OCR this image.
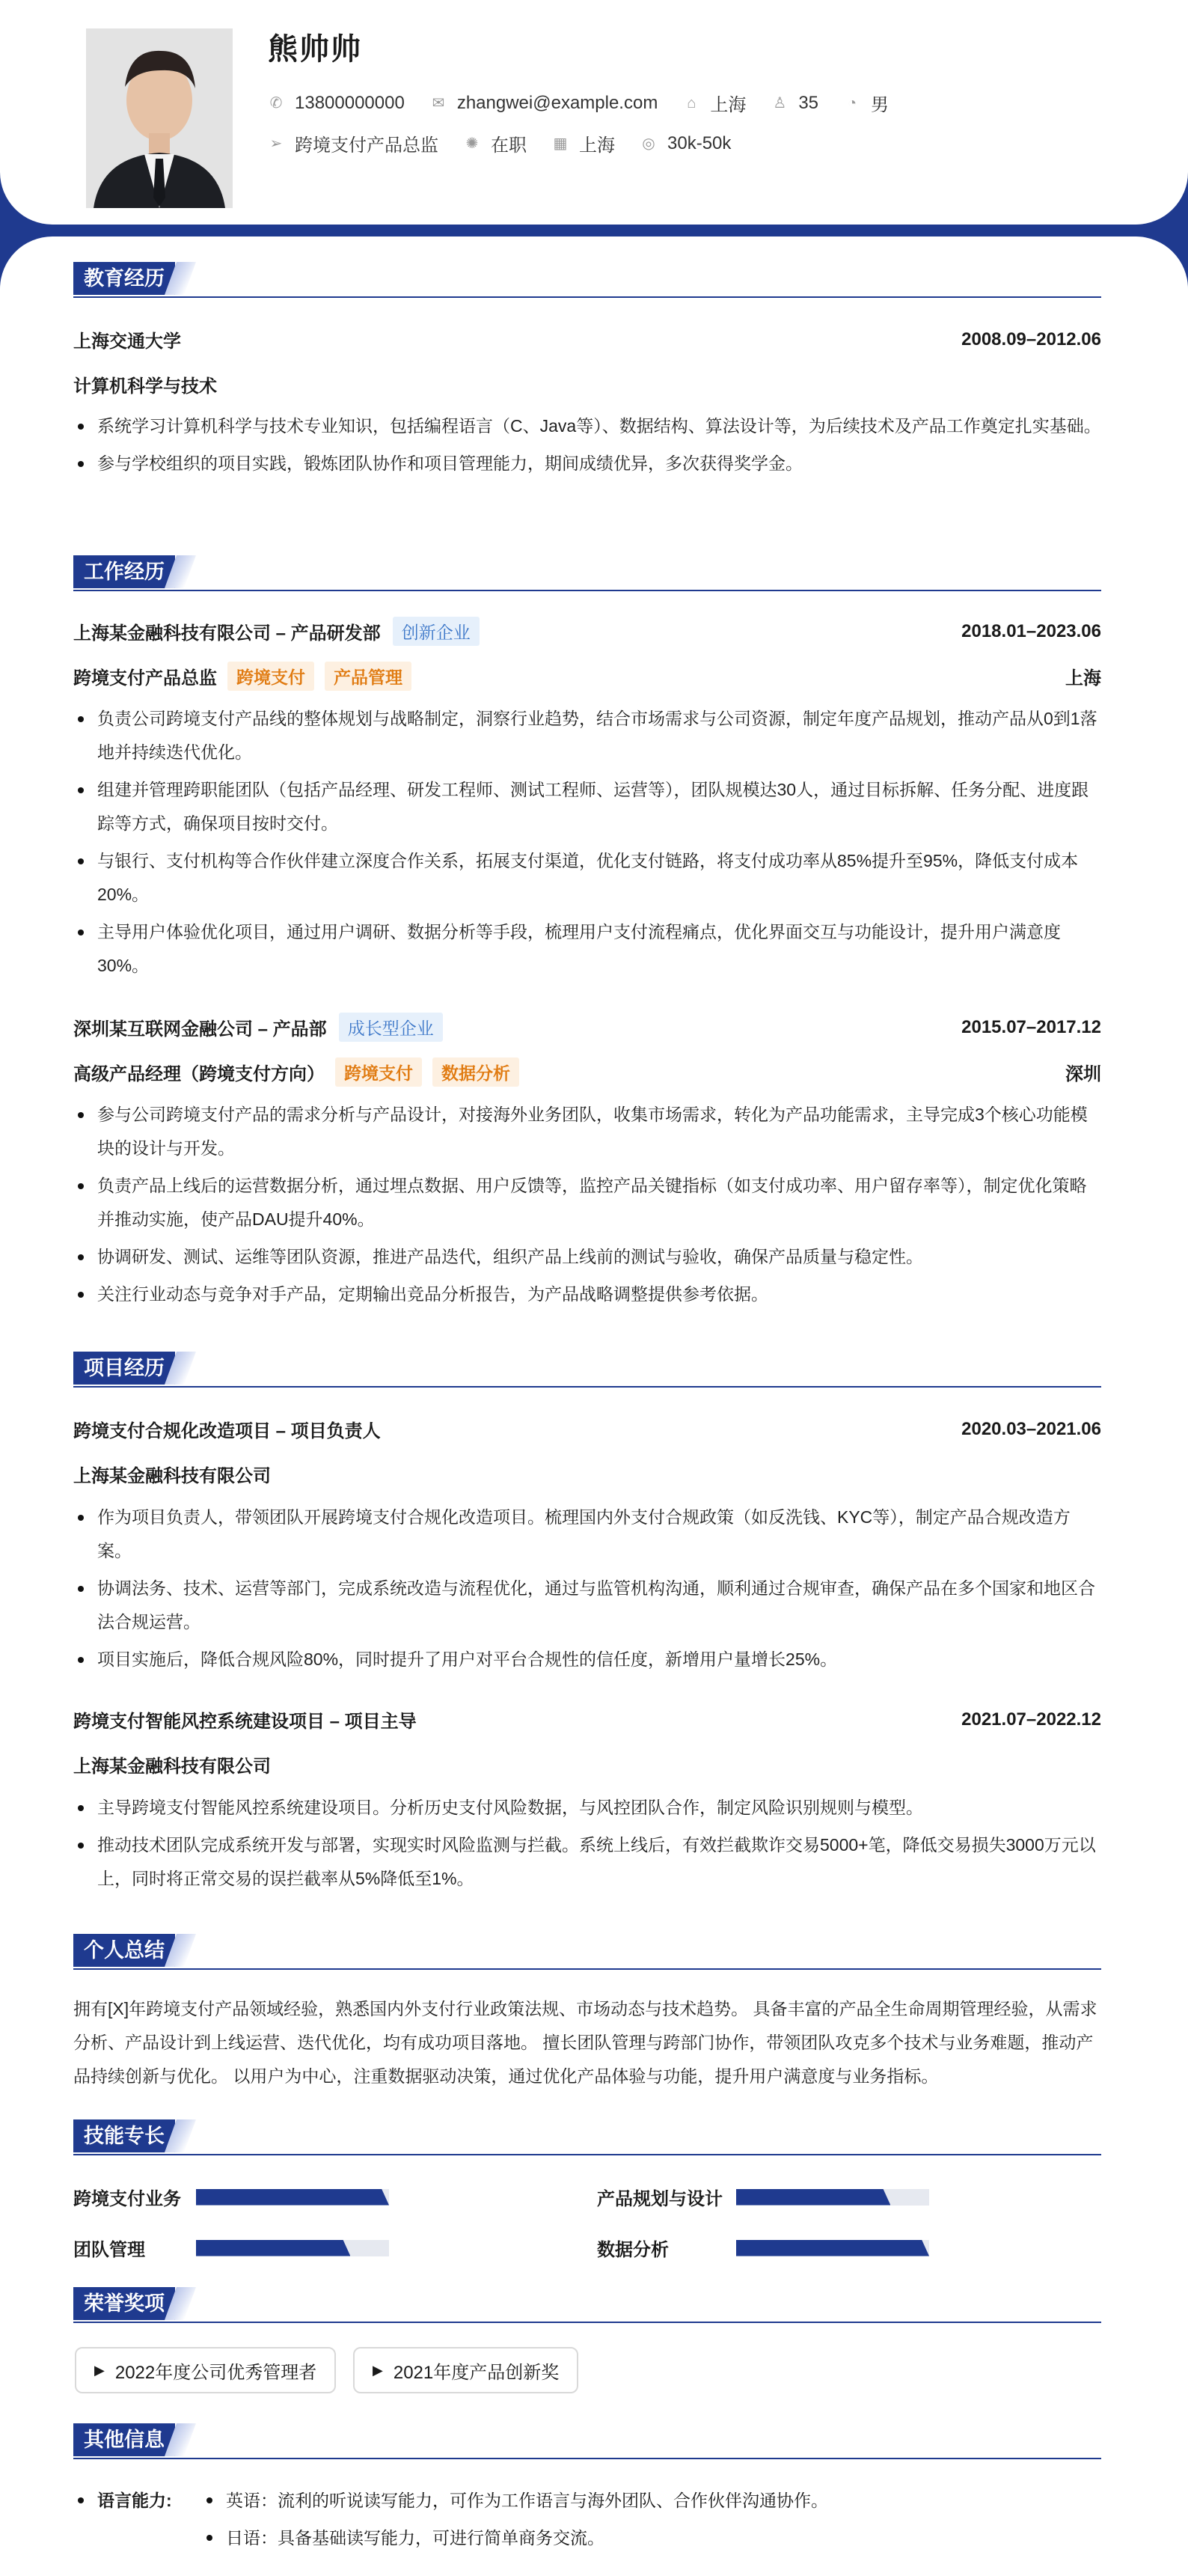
熊帅帅
✆ 13800000000 ✉ zhangwei@example.com ⌂ 上海 ♙ 35 ◔ 男
➢ 跨境支付产品总监 ✺ 在职 ▦ 上海 ◎ 30k-50k
教育经历
上海交通大学	2008.09–2012.06
计算机科学与技术
系统学习计算机科学与技术专业知识，包括编程语言（C、Java等）、数据结构、算法设计等，为后续技术及产品工作奠定扎实基础。
参与学校组织的项目实践，锻炼团队协作和项目管理能力，期间成绩优异，多次获得奖学金。
工作经历
上海某金融科技有限公司 – 产品研发部	创新企业	2018.01–2023.06
跨境支付产品总监	跨境支付	产品管理	上海
负责公司跨境支付产品线的整体规划与战略制定，洞察行业趋势，结合市场需求与公司资源，制定年度产品规划，推动产品从0到1落地并持续迭代优化。
组建并管理跨职能团队（包括产品经理、研发工程师、测试工程师、运营等），团队规模达30人，通过目标拆解、任务分配、进度跟踪等方式，确保项目按时交付。
与银行、支付机构等合作伙伴建立深度合作关系，拓展支付渠道，优化支付链路，将支付成功率从85%提升至95%，降低支付成本20%。
主导用户体验优化项目，通过用户调研、数据分析等手段，梳理用户支付流程痛点，优化界面交互与功能设计，提升用户满意度30%。
深圳某互联网金融公司 – 产品部	成长型企业	2015.07–2017.12
高级产品经理（跨境支付方向）	跨境支付	数据分析	深圳
参与公司跨境支付产品的需求分析与产品设计，对接海外业务团队，收集市场需求，转化为产品功能需求，主导完成3个核心功能模块的设计与开发。
负责产品上线后的运营数据分析，通过埋点数据、用户反馈等，监控产品关键指标（如支付成功率、用户留存率等），制定优化策略并推动实施，使产品DAU提升40%。
协调研发、测试、运维等团队资源，推进产品迭代，组织产品上线前的测试与验收，确保产品质量与稳定性。
关注行业动态与竞争对手产品，定期输出竞品分析报告，为产品战略调整提供参考依据。
项目经历
跨境支付合规化改造项目 – 项目负责人	2020.03–2021.06
上海某金融科技有限公司
作为项目负责人，带领团队开展跨境支付合规化改造项目。梳理国内外支付合规政策（如反洗钱、KYC等），制定产品合规改造方案。
协调法务、技术、运营等部门，完成系统改造与流程优化，通过与监管机构沟通，顺利通过合规审查，确保产品在多个国家和地区合法合规运营。
项目实施后，降低合规风险80%，同时提升了用户对平台合规性的信任度，新增用户量增长25%。
跨境支付智能风控系统建设项目 – 项目主导	2021.07–2022.12
上海某金融科技有限公司
主导跨境支付智能风控系统建设项目。分析历史支付风险数据，与风控团队合作，制定风险识别规则与模型。
推动技术团队完成系统开发与部署，实现实时风险监测与拦截。系统上线后，有效拦截欺诈交易5000+笔，降低交易损失3000万元以上，同时将正常交易的误拦截率从5%降低至1%。
个人总结

拥有[X]年跨境支付产品领域经验，熟悉国内外支付行业政策法规、市场动态与技术趋势。 具备丰富的产品全生命周期管理经验，从需求分析、产品设计到上线运营、迭代优化，均有成功项目落地。 擅长团队管理与跨部门协作，带领团队攻克多个技术与业务难题，推动产品持续创新与优化。 以用户为中心，注重数据驱动决策，通过优化产品体验与功能，提升用户满意度与业务指标。

技能专长
跨境支付业务	产品规划与设计
团队管理	数据分析
荣誉奖项
▶ 2022年度公司优秀管理者	▶ 2021年度产品创新奖
其他信息
语言能力:	英语：流利的听说读写能力，可作为工作语言与海外团队、合作伙伴沟通协作。
日语：具备基础读写能力，可进行简单商务交流。
